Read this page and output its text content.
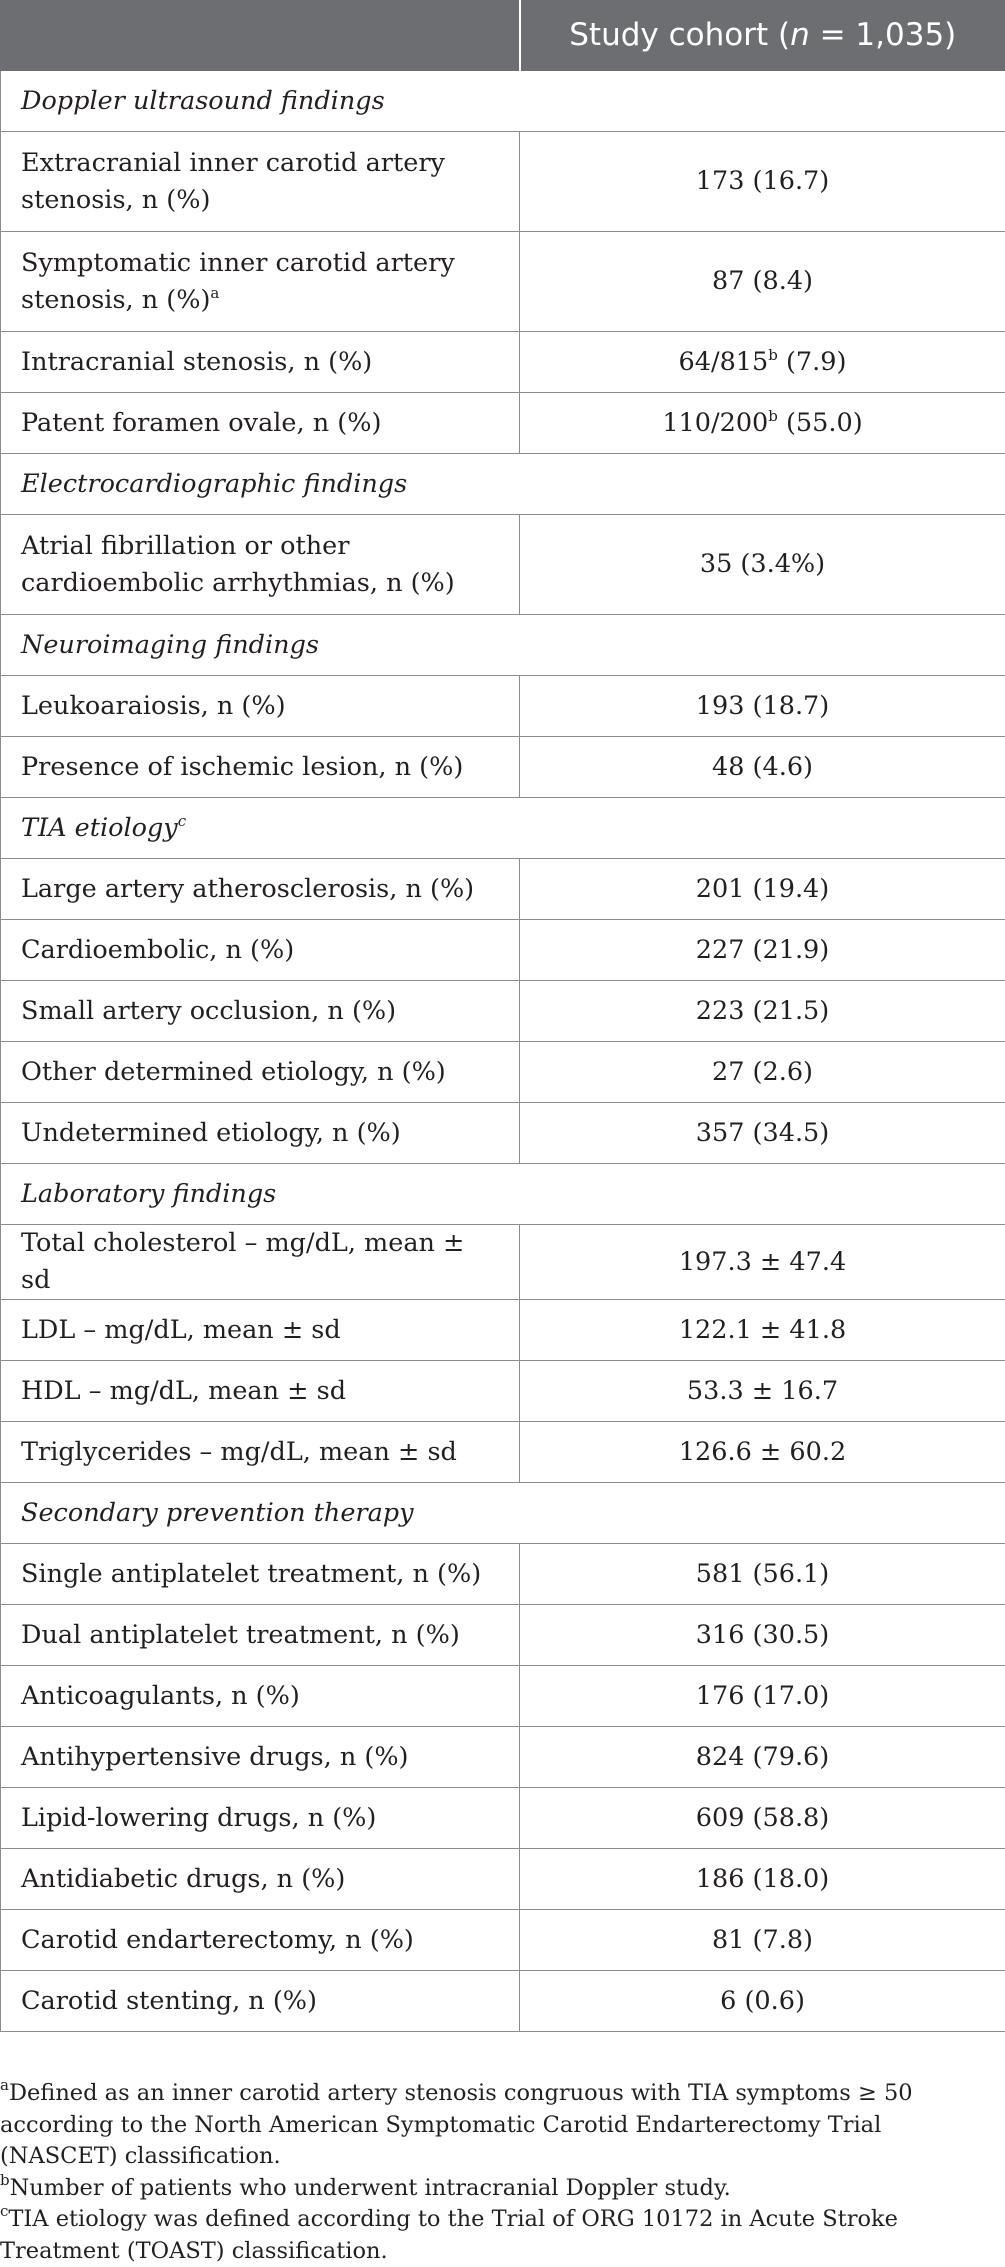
	Study cohort (n = 1,035)
Doppler ultrasound findings	
Extracranial inner carotid artery stenosis, n (%)	173 (16.7)
Symptomatic inner carotid artery stenosis, n (%)$^a$	87 (8.4)
Intracranial stenosis, n (%)	64/815$^b$ (7.9)
Patent foramen ovale, n (%)	110/200$^b$ (55.0)
Electrocardiographic findings	
Atrial fibrillation or other cardioembolic arrhythmias, n (%)	35 (3.4%)
Neuroimaging findings	
Leukoaraiosis, n (%)	193 (18.7)
Presence of ischemic lesion, n (%)	48 (4.6)
TIA etiology$^c$
Large artery atherosclerosis, n (%)	201 (19.4)
Cardioembolic, n (%)	227 (21.9)
Small artery occlusion, n (%)	223 (21.5)
Other determined etiology, n (%)	27 (2.6)
Undetermined etiology, n (%)	357 (34.5)
Laboratory findings	
Total cholesterol – mg/dL, mean ± sd	197.3 ± 47.4
LDL – mg/dL, mean ± sd	122.1 ± 41.8
HDL – mg/dL, mean ± sd	53.3 ± 16.7
Triglycerides – mg/dL, mean ± sd	126.6 ± 60.2
Secondary prevention therapy	
Single antiplatelet treatment, n (%)	581 (56.1)
Dual antiplatelet treatment, n (%)	316 (30.5)
Anticoagulants, n (%)	176 (17.0)
Antihypertensive drugs, n (%)	824 (79.6)
Lipid-lowering drugs, n (%)	609 (58.8)
Antidiabetic drugs, n (%)	186 (18.0)
Carotid endarterectomy, n (%)	81 (7.8)
Carotid stenting, n (%)	6 (0.6)

$^a$Defined as an inner carotid artery stenosis congruous with TIA symptoms ≥ 50 according to the North American Symptomatic Carotid Endarterectomy Trial (NASCET) classification.

$^b$Number of patients who underwent intracranial Doppler study.

$^c$TIA etiology was defined according to the Trial of ORG 10172 in Acute Stroke Treatment (TOAST) classification.
